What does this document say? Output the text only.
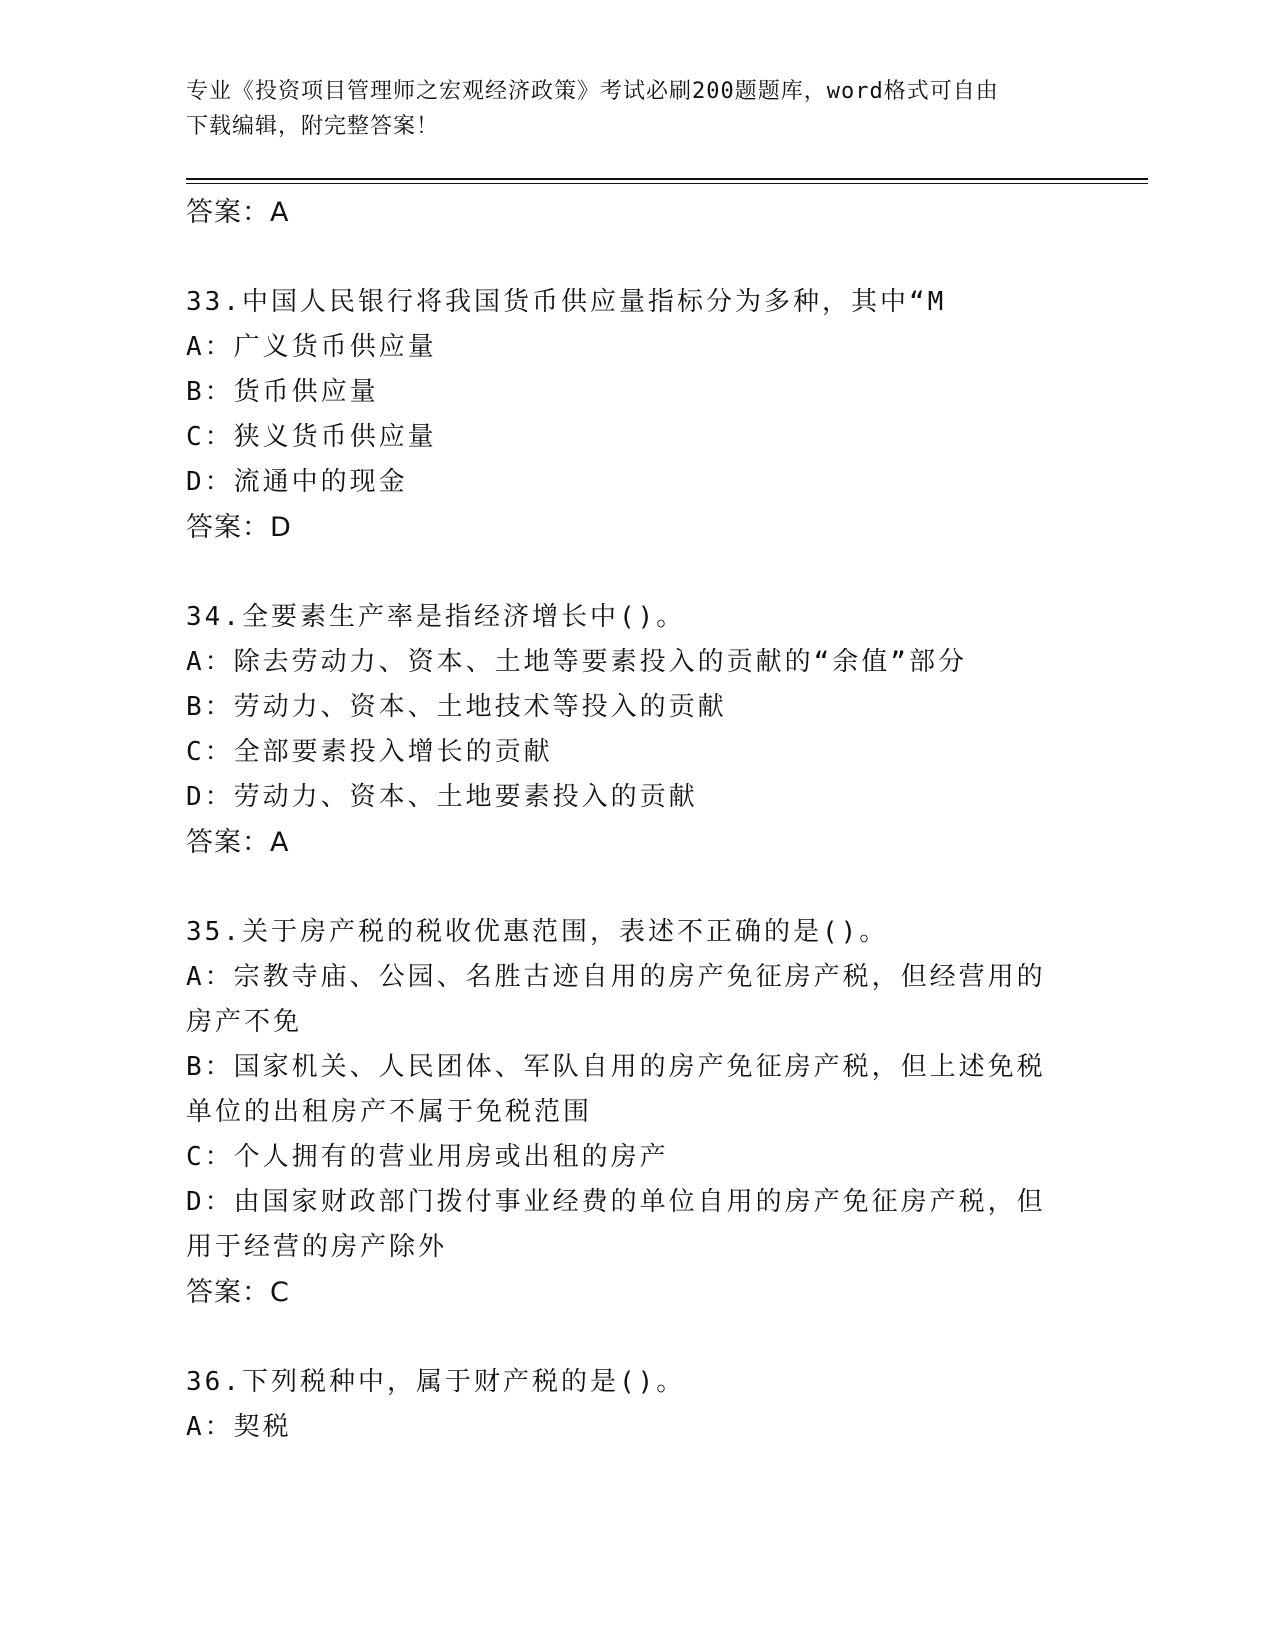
专业《投资项目管理师之宏观经济政策》考试必刷200题题库，word格式可自由
下载编辑，附完整答案！
答案：A
33.中国人民银行将我国货币供应量指标分为多种，其中“M
A：广义货币供应量
B：货币供应量
C：狭义货币供应量
D：流通中的现金
答案：D
34.全要素生产率是指经济增长中()。
A：除去劳动力、资本、土地等要素投入的贡献的“余值”部分
B：劳动力、资本、土地技术等投入的贡献
C：全部要素投入增长的贡献
D：劳动力、资本、土地要素投入的贡献
答案：A
35.关于房产税的税收优惠范围，表述不正确的是()。
A：宗教寺庙、公园、名胜古迹自用的房产免征房产税，但经营用的房产不免
B：国家机关、人民团体、军队自用的房产免征房产税，但上述免税单位的出租房产不属于免税范围
C：个人拥有的营业用房或出租的房产
D：由国家财政部门拨付事业经费的单位自用的房产免征房产税，但用于经营的房产除外
答案：C
36.下列税种中，属于财产税的是()。
A：契税
